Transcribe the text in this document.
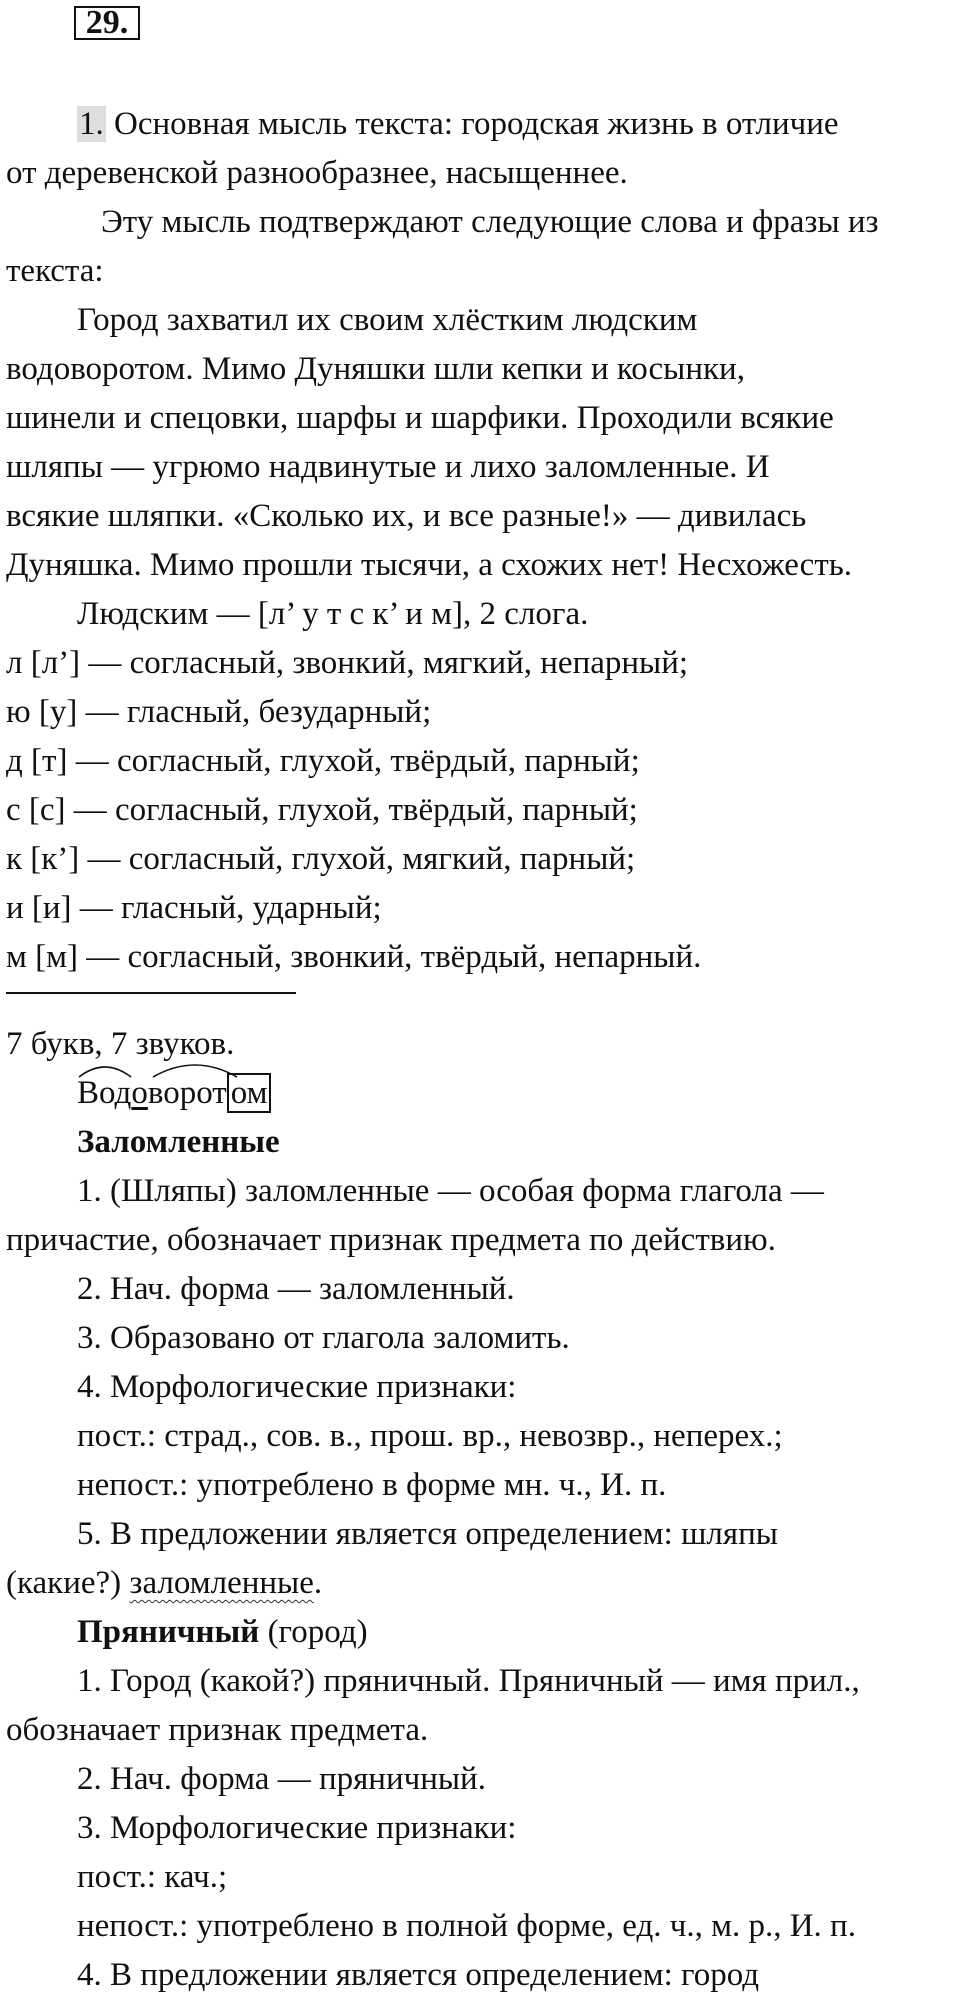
29.
1. Основная мысль текста: городская жизнь в отличие
от деревенской разнообразнее, насыщеннее.
Эту мысль подтверждают следующие слова и фразы из
текста:
Город захватил их своим хлёстким людским
водоворотом. Мимо Дуняшки шли кепки и косынки,
шинели и спецовки, шарфы и шарфики. Проходили всякие
шляпы — угрюмо надвинутые и лихо заломленные. И
всякие шляпки. «Сколько их, и все разные!» — дивилась
Дуняшка. Мимо прошли тысячи, а схожих нет! Несхожесть.
Людским — [л’ у т с к’ и м], 2 слога.
л [л’] — согласный, звонкий, мягкий, непарный;
ю [у] — гласный, безударный;
д [т] — согласный, глухой, твёрдый, парный;
с [с] — согласный, глухой, твёрдый, парный;
к [к’] — согласный, глухой, мягкий, парный;
и [и] — гласный, ударный;
м [м] — согласный, звонкий, твёрдый, непарный.
7 букв, 7 звуков.
Водоворот ом
Заломленные
1. (Шляпы) заломленные — особая форма глагола —
причастие, обозначает признак предмета по действию.
2. Нач. форма — заломленный.
3. Образовано от глагола заломить.
4. Морфологические признаки:
пост.: страд., сов. в., прош. вр., невозвр., неперех.;
непост.: употреблено в форме мн. ч., И. п.
5. В предложении является определением: шляпы
(какие?) заломленные.
Пряничный (город)
1. Город (какой?) пряничный. Пряничный — имя прил.,
обозначает признак предмета.
2. Нач. форма — пряничный.
3. Морфологические признаки:
пост.: кач.;
непост.: употреблено в полной форме, ед. ч., м. р., И. п.
4. В предложении является определением: город
